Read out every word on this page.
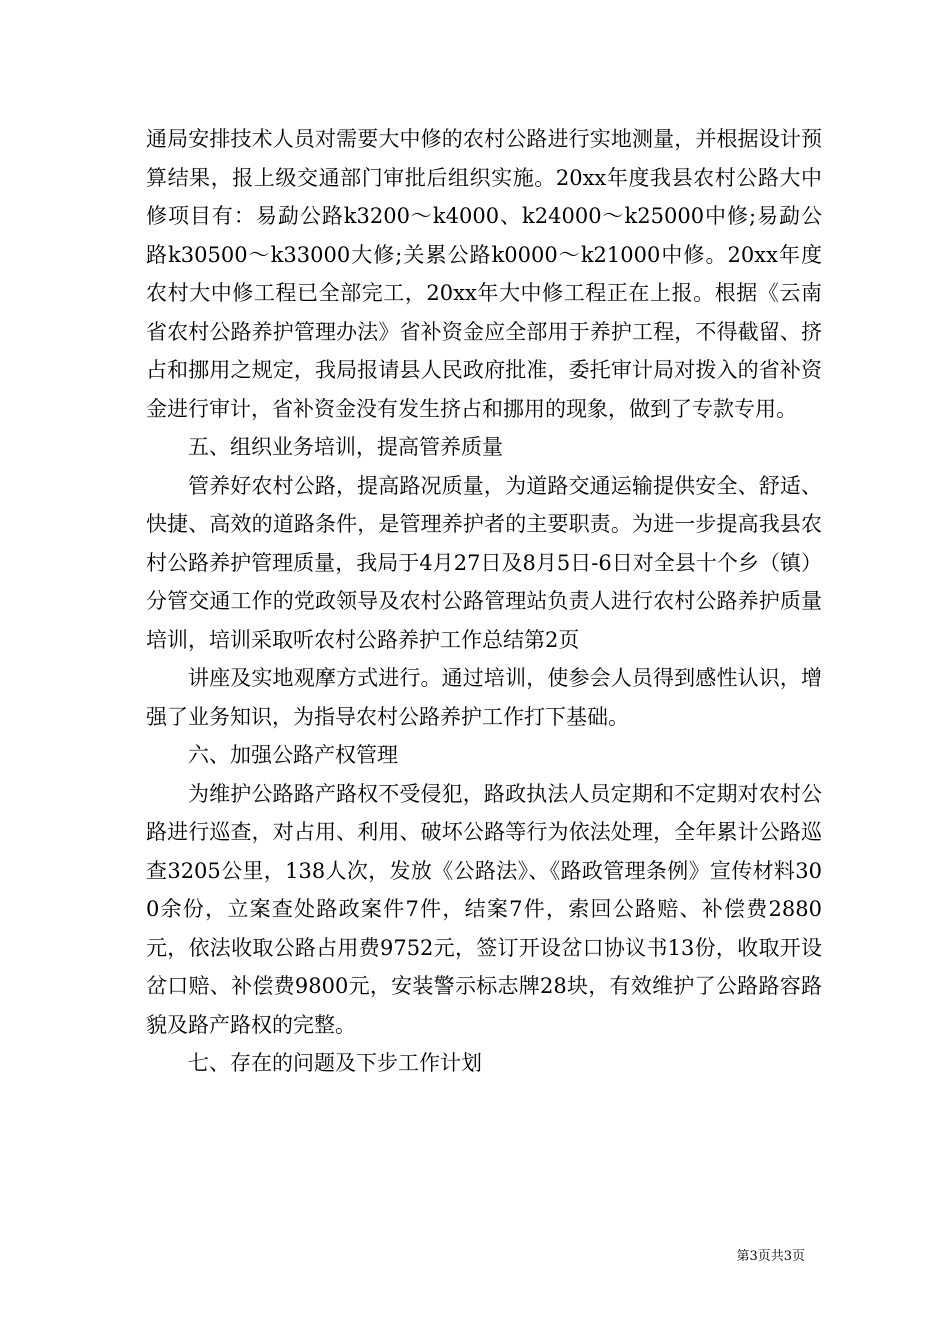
通局安排技术人员对需要大中修的农村公路进行实地测量，并根据设计预算结果，报上级交通部门审批后组织实施。20xx年度我县农村公路大中修项目有：易勐公路k3200～k4000、k24000～k25000中修;易勐公路k30500～k33000大修;关累公路k0000～k21000中修。20xx年度农村大中修工程已全部完工，20xx年大中修工程正在上报。根据《云南省农村公路养护管理办法》省补资金应全部用于养护工程，不得截留、挤占和挪用之规定，我局报请县人民政府批准，委托审计局对拨入的省补资金进行审计，省补资金没有发生挤占和挪用的现象，做到了专款专用。

五、组织业务培训，提高管养质量

管养好农村公路，提高路况质量，为道路交通运输提供安全、舒适、快捷、高效的道路条件，是管理养护者的主要职责。为进一步提高我县农村公路养护管理质量，我局于4月27日及8月5日-6日对全县十个乡（镇）分管交通工作的党政领导及农村公路管理站负责人进行农村公路养护质量培训，培训采取听农村公路养护工作总结第2页

讲座及实地观摩方式进行。通过培训，使参会人员得到感性认识，增强了业务知识，为指导农村公路养护工作打下基础。

六、加强公路产权管理

为维护公路路产路权不受侵犯，路政执法人员定期和不定期对农村公路进行巡查，对占用、利用、破坏公路等行为依法处理，全年累计公路巡查3205公里，138人次，发放《公路法》、《路政管理条例》宣传材料300余份，立案查处路政案件7件，结案7件，索回公路赔、补偿费2880元，依法收取公路占用费9752元，签订开设岔口协议书13份，收取开设岔口赔、补偿费9800元，安装警示标志牌28块，有效维护了公路路容路貌及路产路权的完整。

七、存在的问题及下步工作计划

第3页共3页
